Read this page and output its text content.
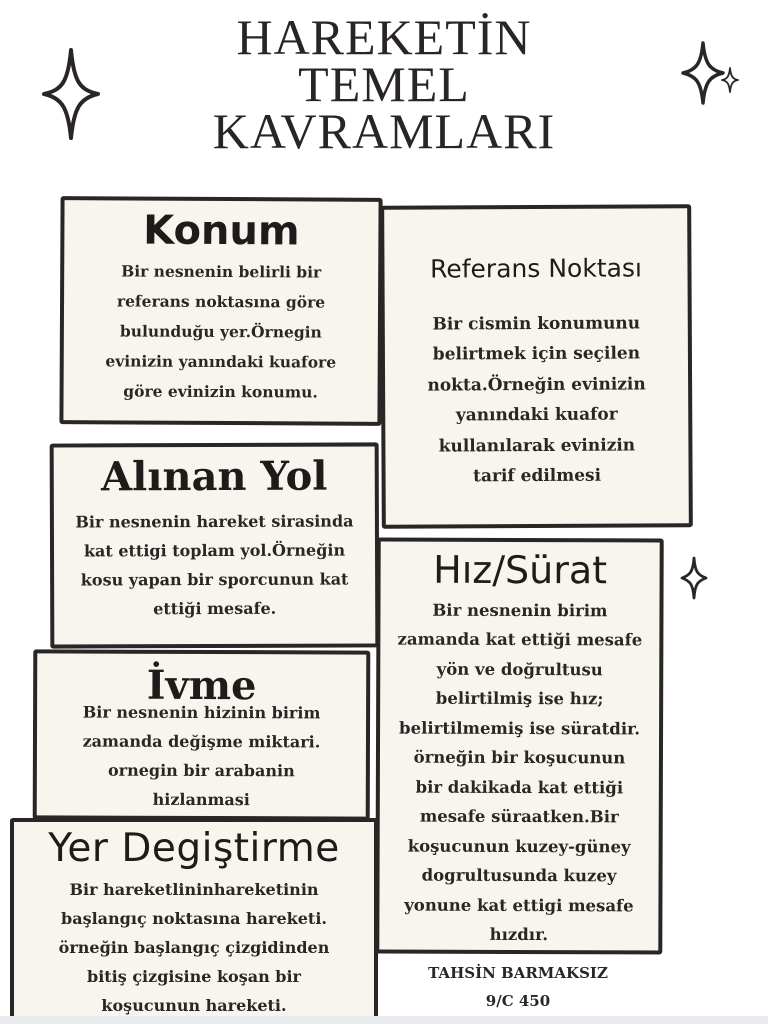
HAREKETİN
TEMEL
KAVRAMLARI
Konum

Bir nesnenin belirli bir
referans noktasına göre
bulunduğu yer.Örnegin
evinizin yanındaki kuafore
göre evinizin konumu.

Referans Noktası

Bir cismin konumunu
belirtmek için seçilen
nokta.Örneğin evinizin
yanındaki kuafor
kullanılarak evinizin
tarif edilmesi

Alınan Yol

Bir nesnenin hareket sirasinda
kat ettigi toplam yol.Örneğin
kosu yapan bir sporcunun kat
ettiği mesafe.

Hız/Sürat

Bir nesnenin birim
zamanda kat ettiği mesafe
yön ve doğrultusu
belirtilmiş ise hız;
belirtilmemiş ise süratdir.
örneğin bir koşucunun
bir dakikada kat ettiği
mesafe süraatken.Bir
koşucunun kuzey-güney
dogrultusunda kuzey
yonune kat ettigi mesafe
hızdır.

İvme

Bir nesnenin hizinin birim
zamanda değişme miktari.
ornegin bir arabanin
hizlanmasi

Yer Degiştirme

Bir hareketlininhareketinin
başlangıç noktasına hareketi.
örneğin başlangıç çizgidinden
bitiş çizgisine koşan bir
koşucunun hareketi.

TAHSİN BARMAKSIZ
9/C 450
